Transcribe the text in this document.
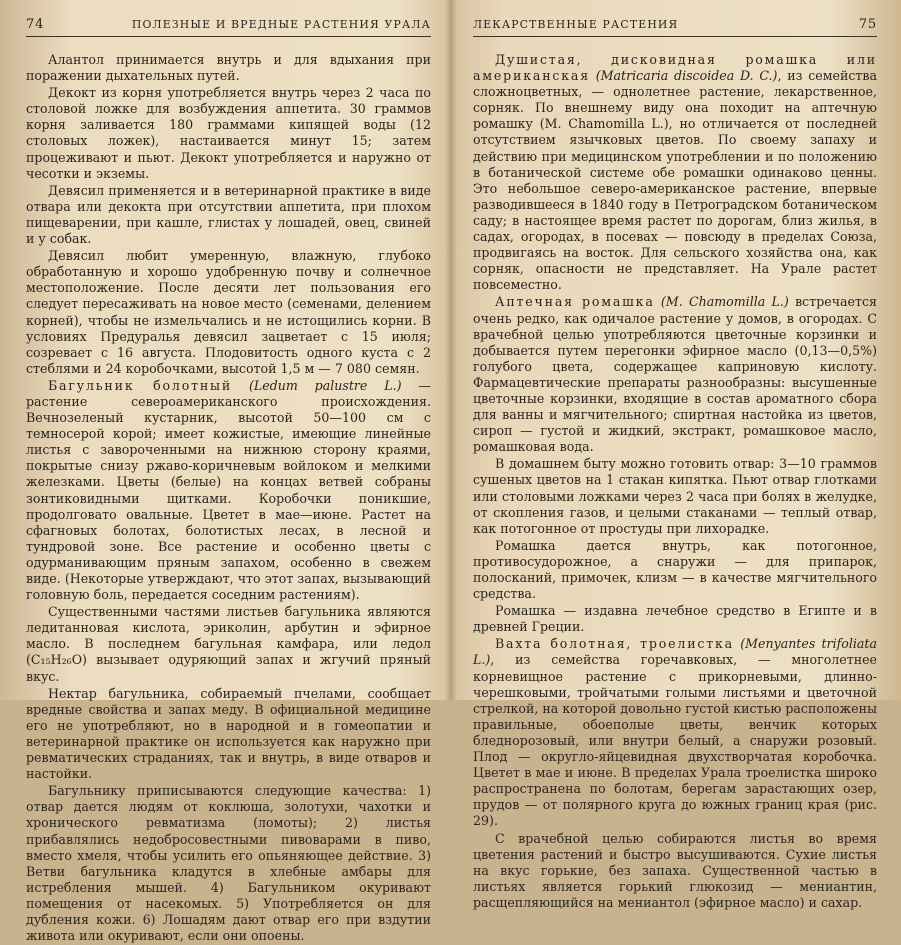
74	ПОЛЕЗНЫЕ И ВРЕДНЫЕ РАСТЕНИЯ УРАЛА

Алантол принимается внутрь и для вдыхания при поражении дыхательных путей.

Декокт из корня употребляется внутрь через 2 часа по столовой ложке для возбуждения аппетита. 30 граммов корня заливается 180 граммами кипящей воды (12 столовых ложек), настаивается минут 15; затем процеживают и пьют. Декокт употребляется и наружно от чесотки и экземы.

Девясил применяется и в ветеринарной практике в виде отвара или декокта при отсутствии аппетита, при плохом пищеварении, при кашле, глистах у лошадей, овец, свиней и у собак.

Девясил любит умеренную, влажную, глубоко обработанную и хорошо удобренную почву и солнечное местоположение. После десяти лет пользования его следует пересаживать на новое место (семенами, делением корней), чтобы не измельчались и не истощились корни. В условиях Предуралья девясил зацветает с 15 июля; созревает с 16 августа. Плодовитость одного куста с 2 стеблями и 24 коробочками, высотой 1,5 м — 7 080 семян.

Багульник болотный (Ledum palustre L.) — растение североамериканского происхождения. Вечнозеленый кустарник, высотой 50—100 см с темносерой корой; имеет кожистые, имеющие линейные листья с завороченными на нижнюю сторону краями, покрытые снизу ржаво-коричневым войлоком и мелкими железками. Цветы (белые) на концах ветвей собраны зонтиковидными щитками. Коробочки поникшие, продолговато овальные. Цветет в мае—июне. Растет на сфагновых болотах, болотистых лесах, в лесной и тундровой зоне. Все растение и особенно цветы с одурманивающим пряным запахом, особенно в свежем виде. (Некоторые утверждают, что этот запах, вызывающий головную боль, передается соседним растениям).

Существенными частями листьев багульника являются ледитанновая кислота, эриколин, арбутин и эфирное масло. В последнем багульная камфара, или ледол (C₁₅H₂₆O) вызывает одуряющий запах и жгучий пряный вкус.

Нектар багульника, собираемый пчелами, сообщает вредные свойства и запах меду. В официальной медицине его не употребляют, но в народной и в гомеопатии и ветеринарной практике он используется как наружно при ревматических страданиях, так и внутрь, в виде отваров и настойки.

Багульнику приписываются следующие качества: 1) отвар дается людям от коклюша, золотухи, чахотки и хронического ревматизма (ломоты); 2) листья прибавлялись недобросовестными пивоварами в пиво, вместо хмеля, чтобы усилить его опьяняющее действие. 3) Ветви багульника кладутся в хлебные амбары для истребления мышей. 4) Багульником окуривают помещения от насекомых. 5) Употребляется он для дубления кожи. 6) Лошадям дают отвар его при вздутии живота или окуривают, если они опоены.

ЛЕКАРСТВЕННЫЕ РАСТЕНИЯ	75

Душистая, дисковидная ромашка или американская (Matricaria discoidea D. C.), из семейства сложноцветных, — однолетнее растение, лекарственное, сорняк. По внешнему виду она походит на аптечную ромашку (M. Chamomilla L.), но отличается от последней отсутствием язычковых цветов. По своему запаху и действию при медицинском употреблении и по положению в ботанической системе обе ромашки одинаково ценны. Это небольшое северо-американское растение, впервые разводившееся в 1840 году в Петроградском ботаническом саду; в настоящее время растет по дорогам, близ жилья, в садах, огородах, в посевах — повсюду в пределах Союза, продвигаясь на восток. Для сельского хозяйства она, как сорняк, опасности не представляет. На Урале растет повсеместно.

Аптечная ромашка (M. Chamomilla L.) встречается очень редко, как одичалое растение у домов, в огородах. С врачебной целью употребляются цветочные корзинки и добывается путем перегонки эфирное масло (0,13—0,5%) голубого цвета, содержащее каприновую кислоту. Фармацевтические препараты разнообразны: высушенные цветочные корзинки, входящие в состав ароматного сбора для ванны и мягчительного; спиртная настойка из цветов, сироп — густой и жидкий, экстракт, ромашковое масло, ромашковая вода.

В домашнем быту можно готовить отвар: 3—10 граммов сушеных цветов на 1 стакан кипятка. Пьют отвар глотками или столовыми ложками через 2 часа при болях в желудке, от скопления газов, и целыми стаканами — теплый отвар, как потогонное от простуды при лихорадке.

Ромашка дается внутрь, как потогонное, противосудорожное, а снаружи — для припарок, полосканий, примочек, клизм — в качестве мягчительного средства.

Ромашка — издавна лечебное средство в Египте и в древней Греции.

Вахта болотная, троелистка (Menyantes trifoliata L.), из семейства горечавковых, — многолетнее корневищное растение с прикорневыми, длинно-черешковыми, тройчатыми голыми листьями и цветочной стрелкой, на которой довольно густой кистью расположены правильные, обоеполые цветы, венчик которых бледнорозовый, или внутри белый, а снаружи розовый. Плод — округло-яйцевидная двухстворчатая коробочка. Цветет в мае и июне. В пределах Урала троелистка широко распространена по болотам, берегам зарастающих озер, прудов — от полярного круга до южных границ края (рис. 29).

С врачебной целью собираются листья во время цветения растений и быстро высушиваются. Сухие листья на вкус горькие, без запаха. Существенной частью в листьях является горький глюкозид — мениантин, расщепляющийся на мениантол (эфирное масло) и сахар.
